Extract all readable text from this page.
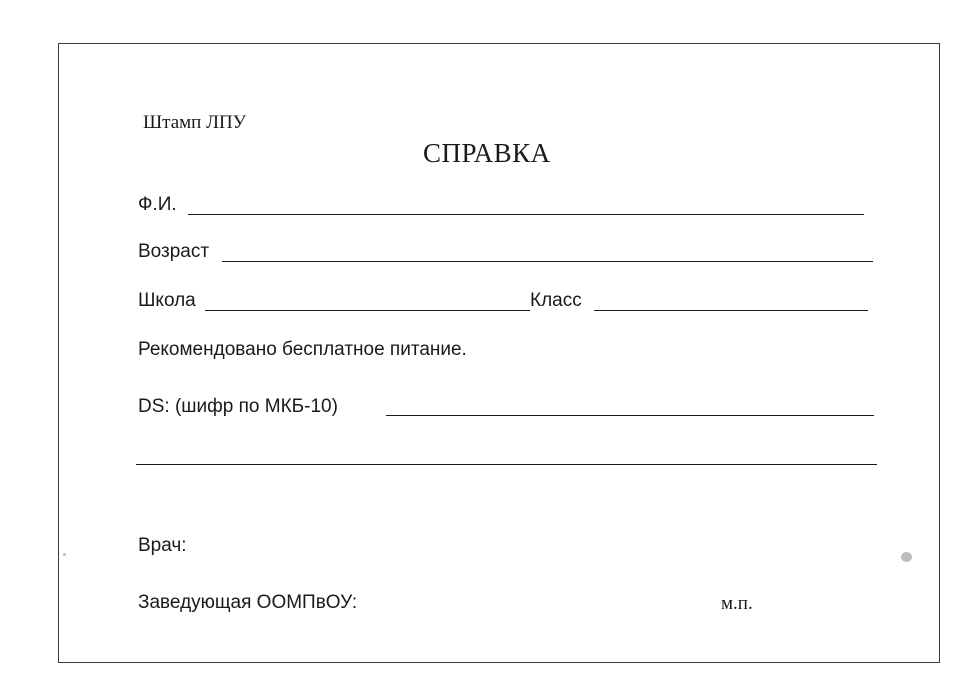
Штамп ЛПУ
СПРАВКА
Ф.И.
Возраст
Школа	Класс
Рекомендовано бесплатное питание.
DS: (шифр по МКБ-10)
Врач:
Заведующая ООМПвОУ:	м.п.
